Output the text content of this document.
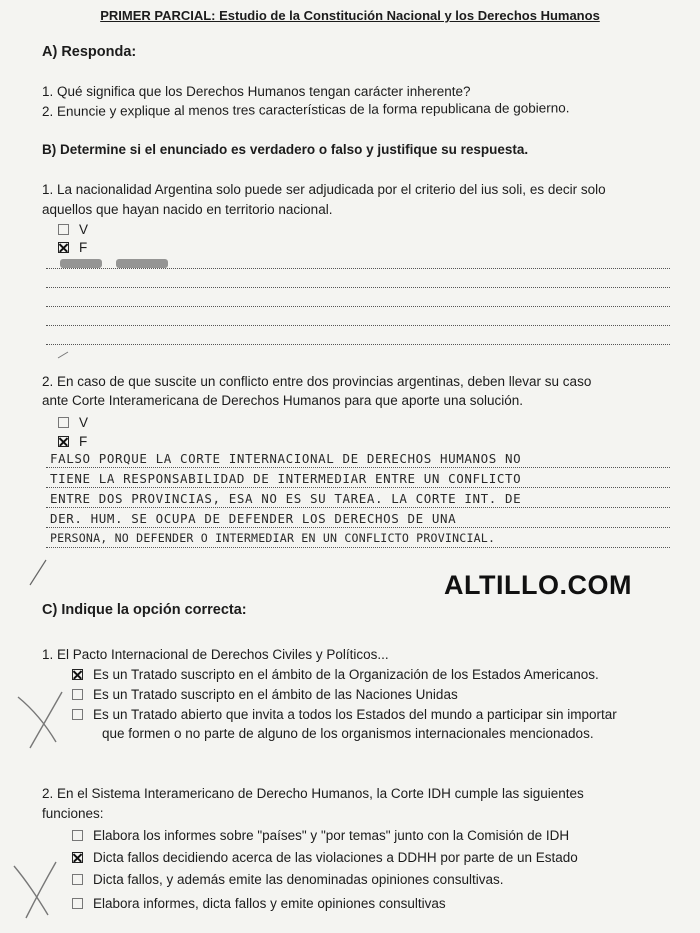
PRIMER PARCIAL: Estudio de la Constitución Nacional y los Derechos Humanos
A) Responda:
1. Qué significa que los Derechos Humanos tengan carácter inherente?
2. Enuncie y explique al menos tres características de la forma republicana de gobierno.
B) Determine si el enunciado es verdadero o falso y justifique su respuesta.
1. La nacionalidad Argentina solo puede ser adjudicada por el criterio del ius soli, es decir solo
aquellos que hayan nacido en territorio nacional.
V
F
2. En caso de que suscite un conflicto entre dos provincias argentinas, deben llevar su caso
ante Corte Interamericana de Derechos Humanos para que aporte una solución.
V
F
FALSO PORQUE LA CORTE INTERNACIONAL DE DERECHOS HUMANOS NO
TIENE LA RESPONSABILIDAD DE INTERMEDIAR ENTRE UN CONFLICTO
ENTRE DOS PROVINCIAS, ESA NO ES SU TAREA. LA CORTE INT. DE
DER. HUM. SE OCUPA DE DEFENDER LOS DERECHOS DE UNA
PERSONA, NO DEFENDER O INTERMEDIAR EN UN CONFLICTO PROVINCIAL.
ALTILLO.COM
C) Indique la opción correcta:
1. El Pacto Internacional de Derechos Civiles y Políticos...
Es un Tratado suscripto en el ámbito de la Organización de los Estados Americanos.
Es un Tratado suscripto en el ámbito de las Naciones Unidas
Es un Tratado abierto que invita a todos los Estados del mundo a participar sin importar
que formen o no parte de alguno de los organismos internacionales mencionados.
2. En el Sistema Interamericano de Derecho Humanos, la Corte IDH cumple las siguientes
funciones:
Elabora los informes sobre "países" y "por temas" junto con la Comisión de IDH
Dicta fallos decidiendo acerca de las violaciones a DDHH por parte de un Estado
Dicta fallos, y además emite las denominadas opiniones consultivas.
Elabora informes, dicta fallos y emite opiniones consultivas
